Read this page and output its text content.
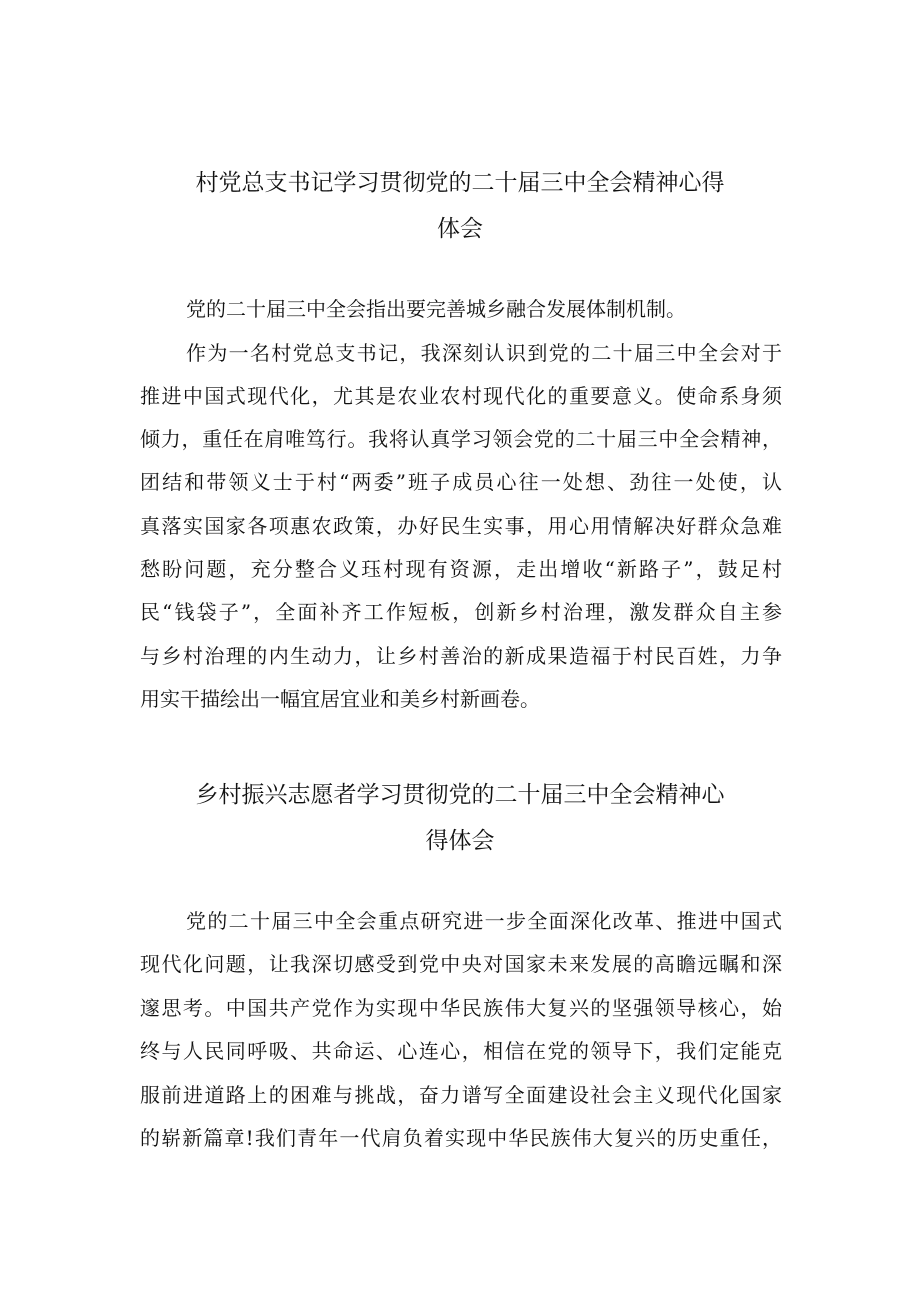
村党总支书记学习贯彻党的二十届三中全会精神心得
体会

党的二十届三中全会指出要完善城乡融合发展体制机制。

作为一名村党总支书记，我深刻认识到党的二十届三中全会对于

推进中国式现代化，尤其是农业农村现代化的重要意义。使命系身须

倾力，重任在肩唯笃行。我将认真学习领会党的二十届三中全会精神，

团结和带领义士于村“两委”班子成员心往一处想、劲往一处使，认

真落实国家各项惠农政策，办好民生实事，用心用情解决好群众急难

愁盼问题，充分整合义珏村现有资源，走出增收“新路子”，鼓足村

民“钱袋子”，全面补齐工作短板，创新乡村治理，激发群众自主参

与乡村治理的内生动力，让乡村善治的新成果造福于村民百姓，力争

用实干描绘出一幅宜居宜业和美乡村新画卷。

乡村振兴志愿者学习贯彻党的二十届三中全会精神心
得体会

党的二十届三中全会重点研究进一步全面深化改革、推进中国式

现代化问题，让我深切感受到党中央对国家未来发展的高瞻远瞩和深

邃思考。中国共产党作为实现中华民族伟大复兴的坚强领导核心，始

终与人民同呼吸、共命运、心连心，相信在党的领导下，我们定能克

服前进道路上的困难与挑战，奋力谱写全面建设社会主义现代化国家

的崭新篇章!我们青年一代肩负着实现中华民族伟大复兴的历史重任，
